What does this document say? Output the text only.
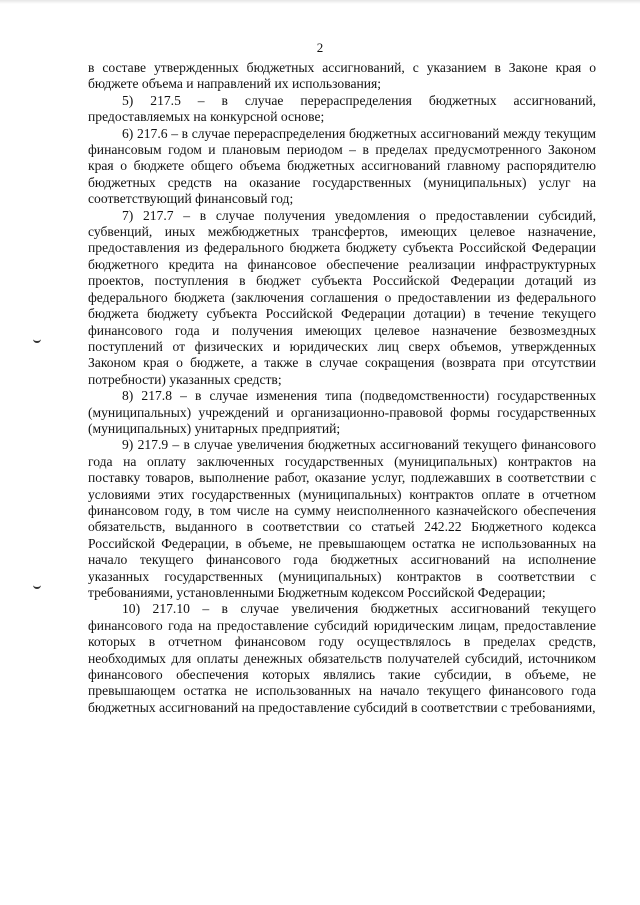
2

в составе утвержденных бюджетных ассигнований, с указанием в Законе края о бюджете объема и направлений их использования;

5) 217.5 – в случае перераспределения бюджетных ассигнований, предоставляемых на конкурсной основе;

6) 217.6 – в случае перераспределения бюджетных ассигнований между текущим финансовым годом и плановым периодом – в пределах предусмотренного Законом края о бюджете общего объема бюджетных ассигнований главному распорядителю бюджетных средств на оказание государственных (муниципальных) услуг на соответствующий финансовый год;

7) 217.7 – в случае получения уведомления о предоставлении субсидий, субвенций, иных межбюджетных трансфертов, имеющих целевое назначение, предоставления из федерального бюджета бюджету субъекта Российской Федерации бюджетного кредита на финансовое обеспечение реализации инфраструктурных проектов, поступления в бюджет субъекта Российской Федерации дотаций из федерального бюджета (заключения соглашения о предоставлении из федерального бюджета бюджету субъекта Российской Федерации дотации) в течение текущего финансового года и получения имеющих целевое назначение безвозмездных поступлений от физических и юридических лиц сверх объемов, утвержденных Законом края о бюджете, а также в случае сокращения (возврата при отсутствии потребности) указанных средств;

8) 217.8 – в случае изменения типа (подведомственности) государственных (муниципальных) учреждений и организационно-правовой формы государственных (муниципальных) унитарных предприятий;

9) 217.9 – в случае увеличения бюджетных ассигнований текущего финансового года на оплату заключенных государственных (муниципальных) контрактов на поставку товаров, выполнение работ, оказание услуг, подлежавших в соответствии с условиями этих государственных (муниципальных) контрактов оплате в отчетном финансовом году, в том числе на сумму неисполненного казначейского обеспечения обязательств, выданного в соответствии со статьей 242.22 Бюджетного кодекса Российской Федерации, в объеме, не превышающем остатка не использованных на начало текущего финансового года бюджетных ассигнований на исполнение указанных государственных (муниципальных) контрактов в соответствии с требованиями, установленными Бюджетным кодексом Российской Федерации;

10) 217.10 – в случае увеличения бюджетных ассигнований текущего финансового года на предоставление субсидий юридическим лицам, предоставление которых в отчетном финансовом году осуществлялось в пределах средств, необходимых для оплаты денежных обязательств получателей субсидий, источником финансового обеспечения которых являлись такие субсидии, в объеме, не превышающем остатка не использованных на начало текущего финансового года бюджетных ассигнований на предоставление субсидий в соответствии с требованиями,
